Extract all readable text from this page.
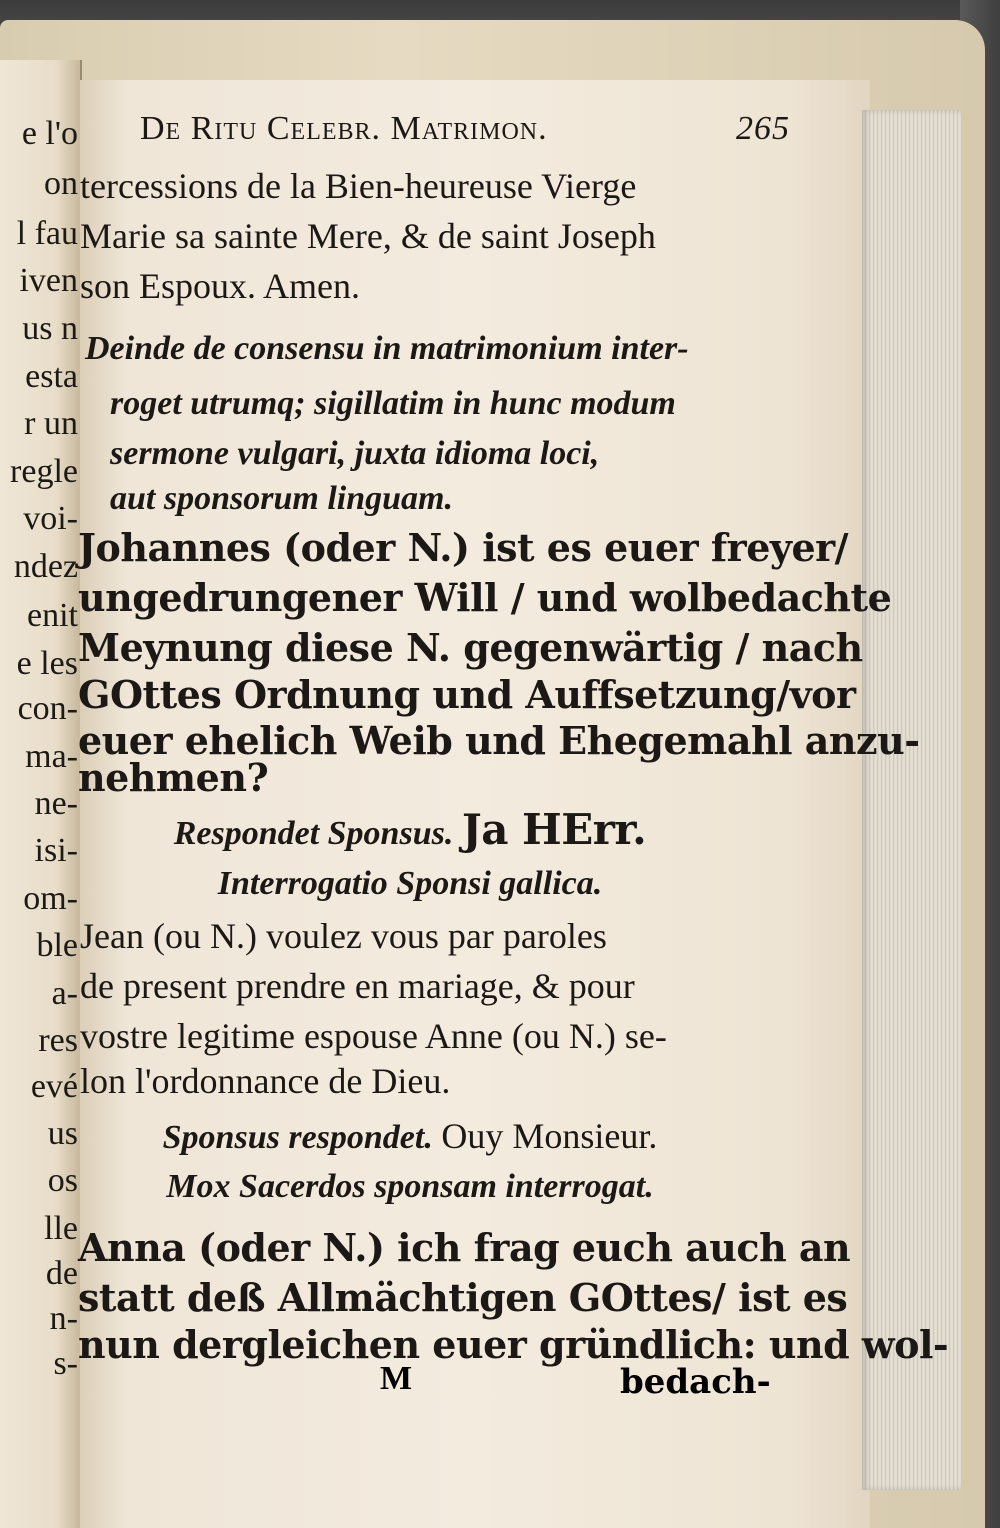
e l'o
on
l fau
iven
us n
esta
r un
regle
voi-
ndez
enit
e les
con-
ma-
ne-
isi-
om-
ble
a-
res
evé
us
os
lle
de
n-
s-
De Ritu Celebr. Matrimon.	265
tercessions de la Bien-heureuse Vierge
Marie sa sainte Mere, & de saint Joseph
son Espoux. Amen.
Deinde de consensu in matrimonium inter-
roget utrumq; sigillatim in hunc modum
sermone vulgari, juxta idioma loci,
aut sponsorum linguam.
Johannes (oder N.) ist es euer freyer/
ungedrungener Will / und wolbedachte
Meynung diese N. gegenwärtig / nach
GOttes Ordnung und Auffsetzung/vor
euer ehelich Weib und Ehegemahl anzu-
nehmen?
Respondet Sponsus. Ja HErr.
Interrogatio Sponsi gallica.
Jean (ou N.) voulez vous par paroles
de present prendre en mariage, & pour
vostre legitime espouse Anne (ou N.) se-
lon l'ordonnance de Dieu.
Sponsus respondet. Ouy Monsieur.
Mox Sacerdos sponsam interrogat.
Anna (oder N.) ich frag euch auch an
statt deß Allmächtigen GOttes/ ist es
nun dergleichen euer gründlich: und wol-
M	bedach-
